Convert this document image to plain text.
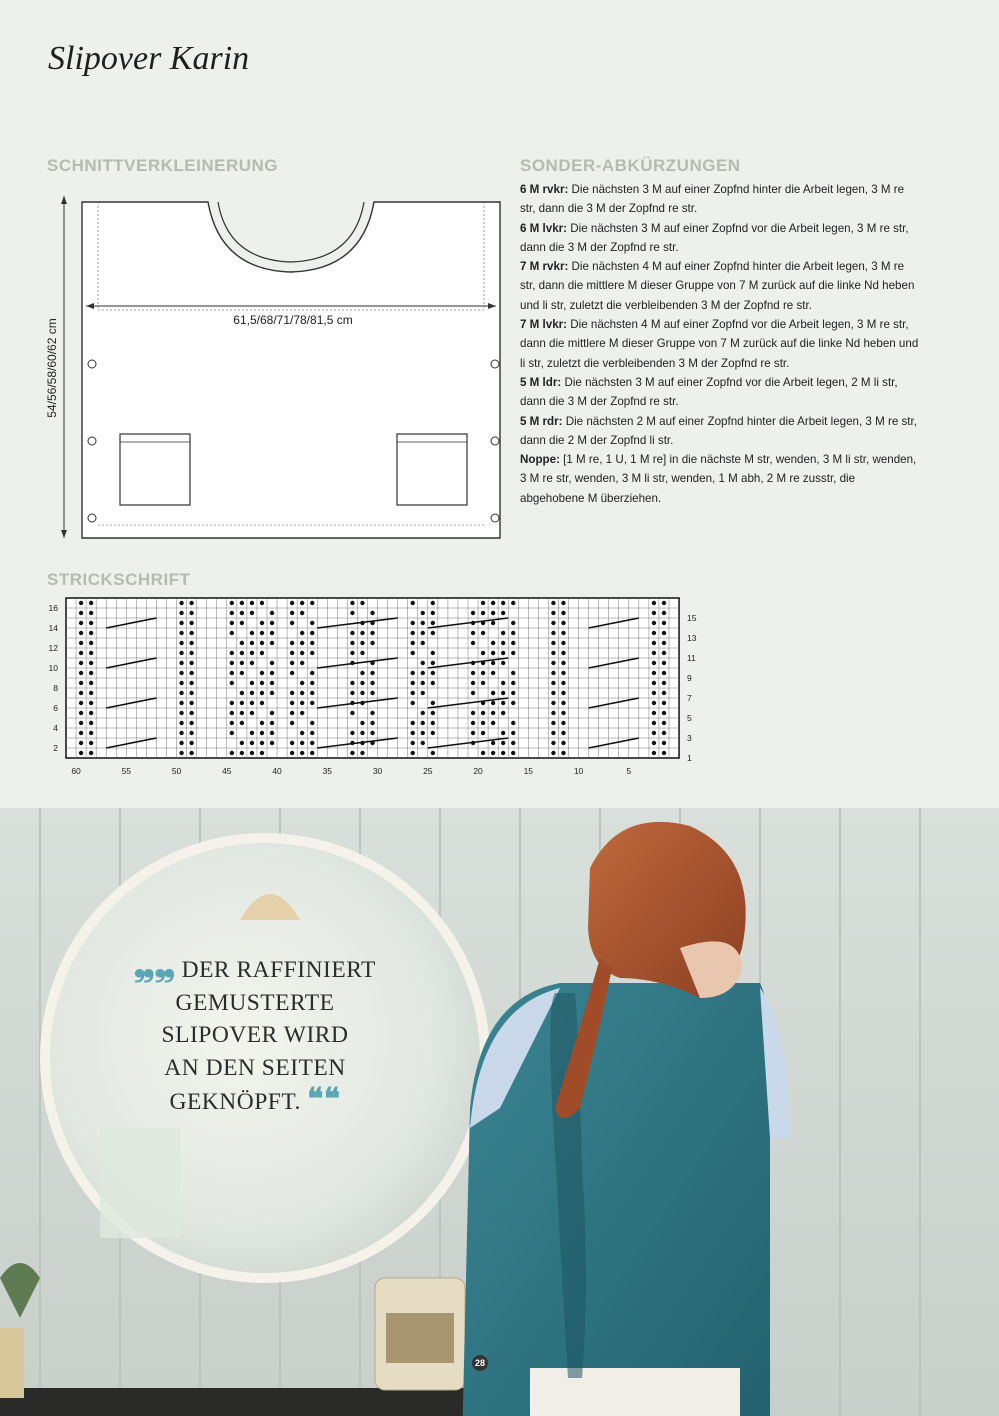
Slipover Karin
SCHNITTVERKLEINERUNG	SONDER-ABKÜRZUNGEN
61,5/68/71/78/81,5 cm
54/56/58/60/62 cm

6 M rvkr: Die nächsten 3 M auf einer Zopfnd hinter die Arbeit legen, 3 M re str, dann die 3 M der Zopfnd re str.

6 M lvkr: Die nächsten 3 M auf einer Zopfnd vor die Arbeit legen, 3 M re str, dann die 3 M der Zopfnd re str.

7 M rvkr: Die nächsten 4 M auf einer Zopfnd hinter die Arbeit legen, 3 M re str, dann die mittlere M dieser Gruppe von 7 M zurück auf die linke Nd heben und li str, zuletzt die verbleibenden 3 M der Zopfnd re str.

7 M lvkr: Die nächsten 4 M auf einer Zopfnd vor die Arbeit legen, 3 M re str, dann die mittlere M dieser Gruppe von 7 M zurück auf die linke Nd heben und li str, zuletzt die verbleibenden 3 M der Zopfnd re str.

5 M ldr: Die nächsten 3 M auf einer Zopfnd vor die Arbeit legen, 2 M li str, dann die 3 M der Zopfnd re str.

5 M rdr: Die nächsten 2 M auf einer Zopfnd hinter die Arbeit legen, 3 M re str, dann die 2 M der Zopfnd li str.

Noppe: [1 M re, 1 U, 1 M re] in die nächste M str, wenden, 3 M li str, wenden, 3 M re str, wenden, 3 M li str, wenden, 1 M abh, 2 M re zusstr, die abgehobene M überziehen.

STRICKSCHRIFT
16
14
12
10
8
6
4
2
15
13
11
9
7
5
3
1
60	55	50	45	40	35	30	25	20	15	10	5
❠❠ DER RAFFINIERT
GEMUSTERTE
SLIPOVER WIRD
AN DEN SEITEN
GEKNÖPFT. ❝❝
28
